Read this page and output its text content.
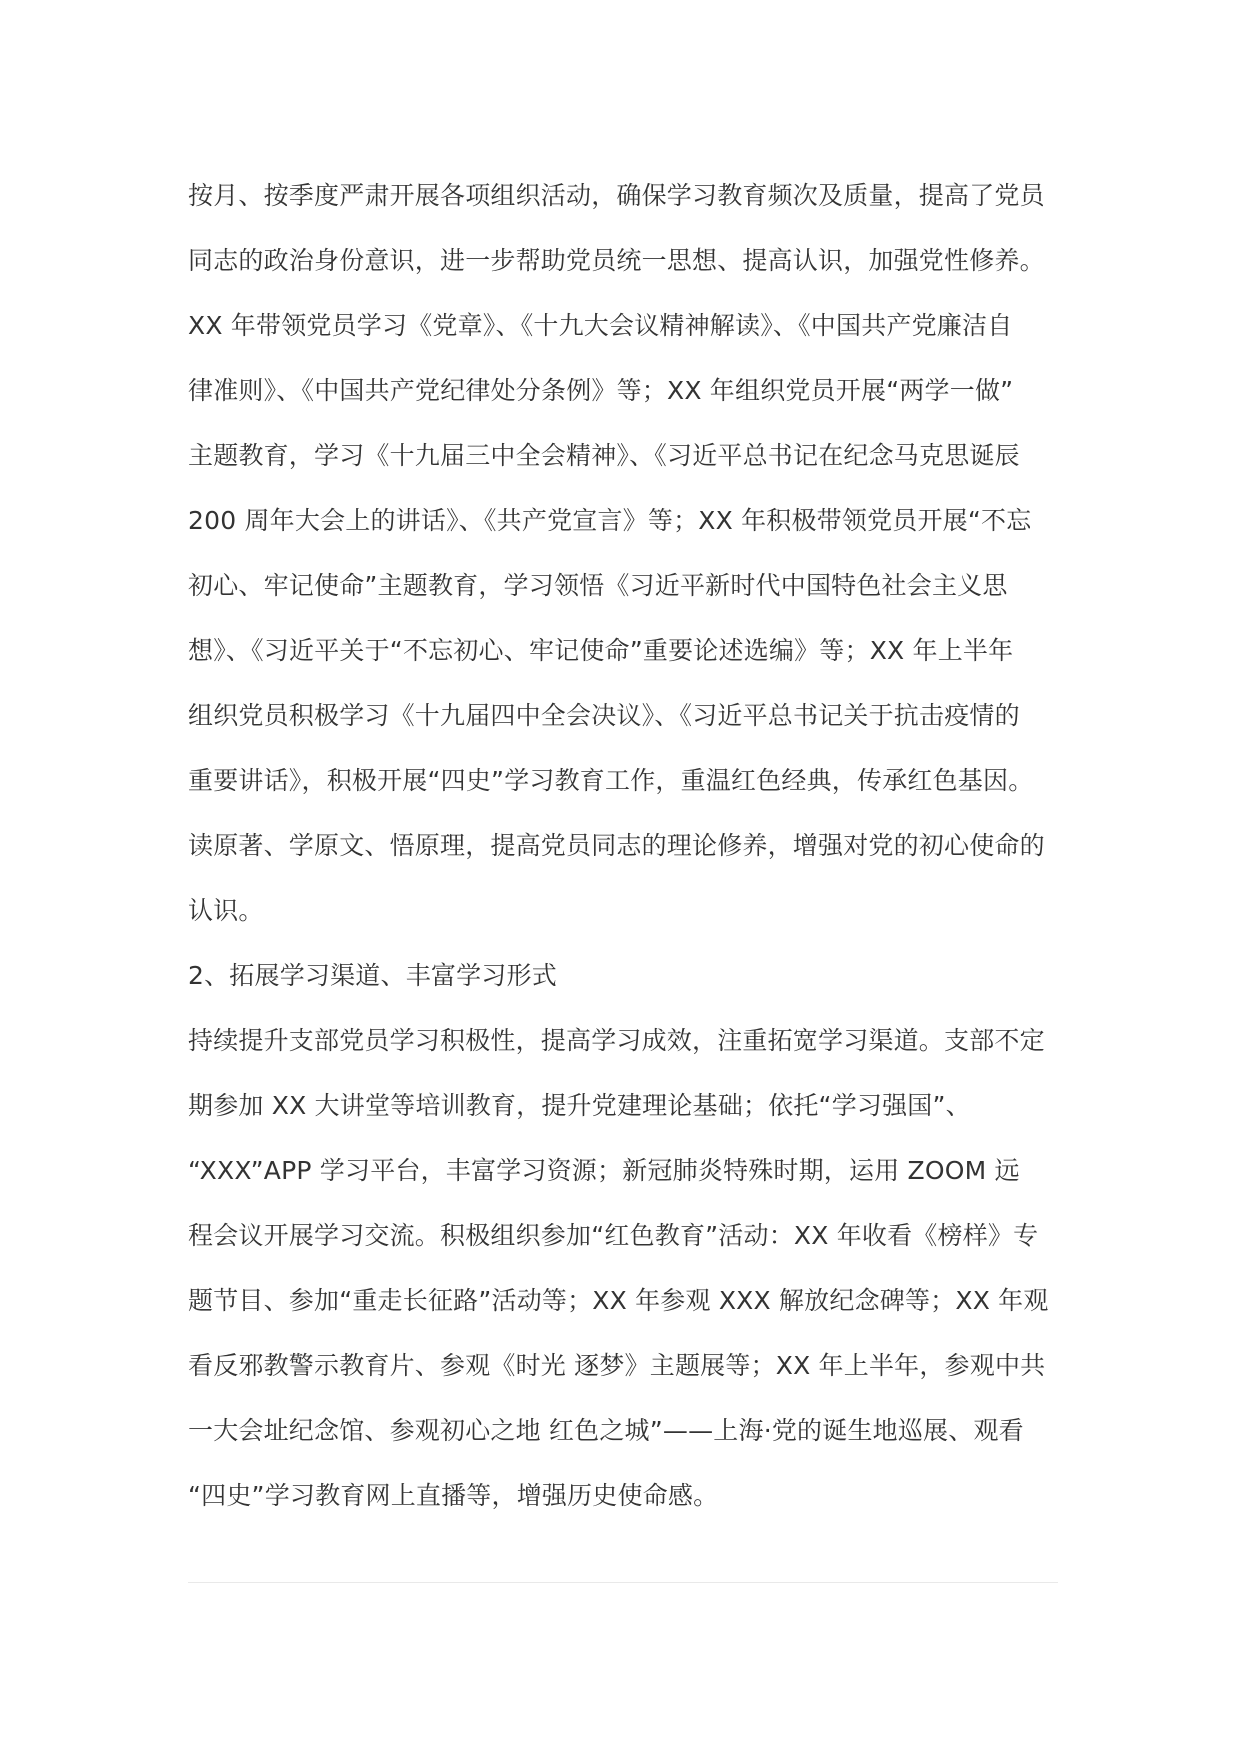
按月、按季度严肃开展各项组织活动，确保学习教育频次及质量，提高了党员

同志的政治身份意识，进一步帮助党员统一思想、提高认识，加强党性修养。

XX 年带领党员学习《党章》、《十九大会议精神解读》、《中国共产党廉洁自

律准则》、《中国共产党纪律处分条例》等；XX 年组织党员开展“两学一做”

主题教育，学习《十九届三中全会精神》、《习近平总书记在纪念马克思诞辰

200 周年大会上的讲话》、《共产党宣言》等；XX 年积极带领党员开展“不忘

初心、牢记使命”主题教育，学习领悟《习近平新时代中国特色社会主义思

想》、《习近平关于“不忘初心、牢记使命”重要论述选编》等；XX 年上半年

组织党员积极学习《十九届四中全会决议》、《习近平总书记关于抗击疫情的

重要讲话》，积极开展“四史”学习教育工作，重温红色经典，传承红色基因。

读原著、学原文、悟原理，提高党员同志的理论修养，增强对党的初心使命的

认识。

2、拓展学习渠道、丰富学习形式

持续提升支部党员学习积极性，提高学习成效，注重拓宽学习渠道。支部不定

期参加 XX 大讲堂等培训教育，提升党建理论基础；依托“学习强国”、

“XXX”APP 学习平台，丰富学习资源；新冠肺炎特殊时期，运用 ZOOM 远

程会议开展学习交流。积极组织参加“红色教育”活动：XX 年收看《榜样》专

题节目、参加“重走长征路”活动等；XX 年参观 XXX 解放纪念碑等；XX 年观

看反邪教警示教育片、参观《时光 逐梦》主题展等；XX 年上半年，参观中共

一大会址纪念馆、参观初心之地 红色之城”——上海·党的诞生地巡展、观看

“四史”学习教育网上直播等，增强历史使命感。
